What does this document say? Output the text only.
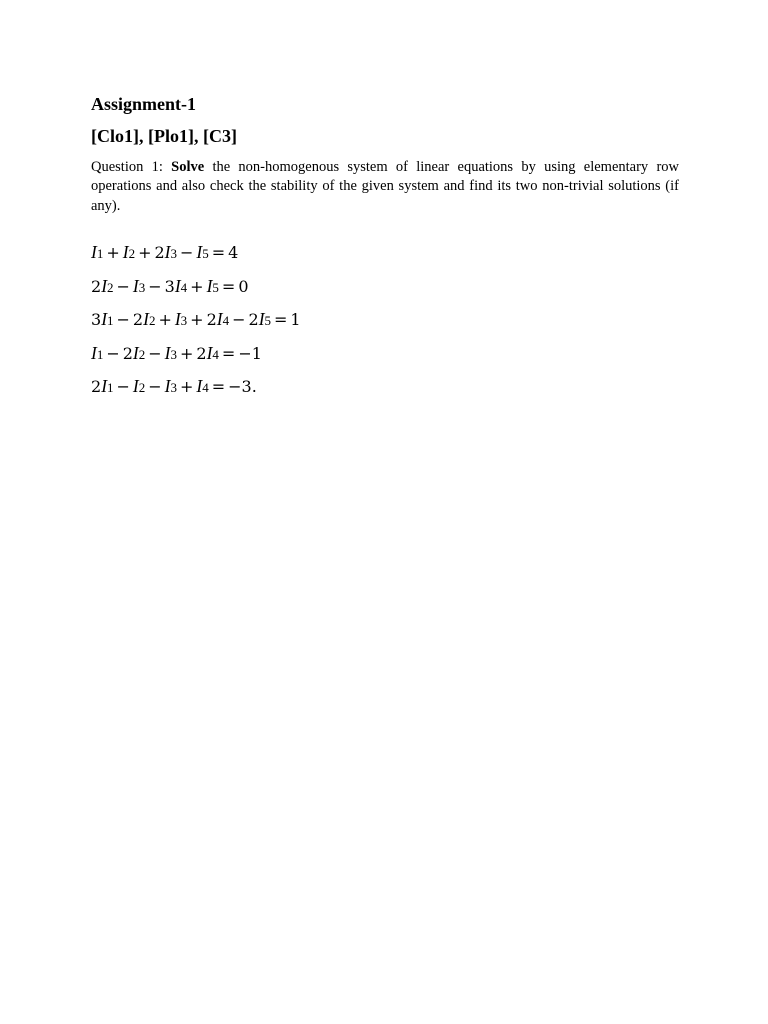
Assignment-1
[Clo1], [Plo1], [C3]
Question 1: Solve the non-homogenous system of linear equations by using elementary row operations and also check the stability of the given system and find its two non-trivial solutions (if any).
I1 + I2 + 2I3 − I5 = 4
2I2 − I3 − 3I4 + I5 = 0
3I1 − 2I2 + I3 + 2I4 − 2I5 = 1
I1 − 2I2 − I3 + 2I4 = −1
2I1 − I2 − I3 + I4 = −3.
